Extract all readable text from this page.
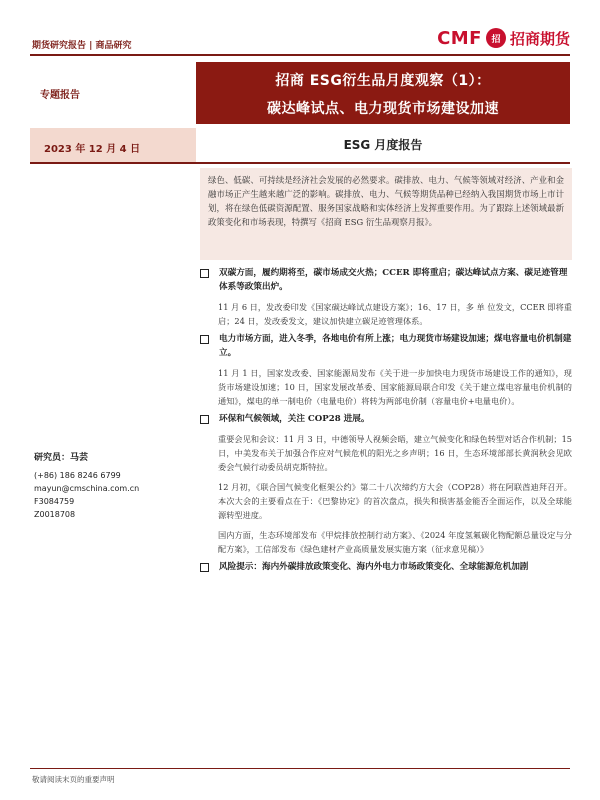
期货研究报告 | 商品研究	CMF	招 招商期货
专题报告
招商 ESG衍生品月度观察（1）：
碳达峰试点、电力现货市场建设加速
2023 年 12 月 4 日	ESG 月度报告
研究员：马芸
(+86) 186 8246 6799
mayun@cmschina.com.cn
F3084759
Z0018708

绿色、低碳、可持续是经济社会发展的必然要求。碳排放、电力、气候等领域对经济、产业和金融市场正产生越来越广泛的影响。碳排放、电力、气候等期货品种已经纳入我国期货市场上市计划，将在绿色低碳资源配置、服务国家战略和实体经济上发挥重要作用。为了跟踪上述领域最新政策变化和市场表现，特撰写《招商 ESG 衍生品观察月报》。

双碳方面，履约期将至，碳市场成交火热；CCER 即将重启；碳达峰试点方案、碳足迹管理体系等政策出炉。

11 月 6 日，发改委印发《国家碳达峰试点建设方案》；16、17 日，多 单 位发文，CCER 即将重启；24 日，发改委发文，建议加快建立碳足迹管理体系。

电力市场方面，进入冬季，各地电价有所上涨；电力现货市场建设加速；煤电容量电价机制建立。

11 月 1 日，国家发改委、国家能源局发布《关于进一步加快电力现货市场建设工作的通知》，现货市场建设加速；10 日，国家发展改革委、国家能源局联合印发《关于建立煤电容量电价机制的通知》，煤电的单一制电价（电量电价）将转为两部电价制（容量电价+电量电价）。

环保和气候领域，关注 COP28 进展。

重要会见和会议：11 月 3 日，中德领导人视频会晤，建立气候变化和绿色转型对话合作机制；15 日，中美发布关于加强合作应对气候危机的阳光之乡声明；16 日，生态环境部部长黄润秋会见欧委会气候行动委员胡克斯特拉。

12 月初，《联合国气候变化框架公约》第二十八次缔约方大会（COP28）将在阿联酋迪拜召开。本次大会的主要看点在于：《巴黎协定》的首次盘点，损失和损害基金能否全面运作，以及全球能源转型进度。

国内方面，生态环境部发布《甲烷排放控制行动方案》、《2024 年度氢氟碳化物配额总量设定与分配方案》，工信部发布《绿色建材产业高质量发展实施方案（征求意见稿）》

风险提示：海内外碳排放政策变化、海内外电力市场政策变化、全球能源危机加剧
敬请阅读末页的重要声明
